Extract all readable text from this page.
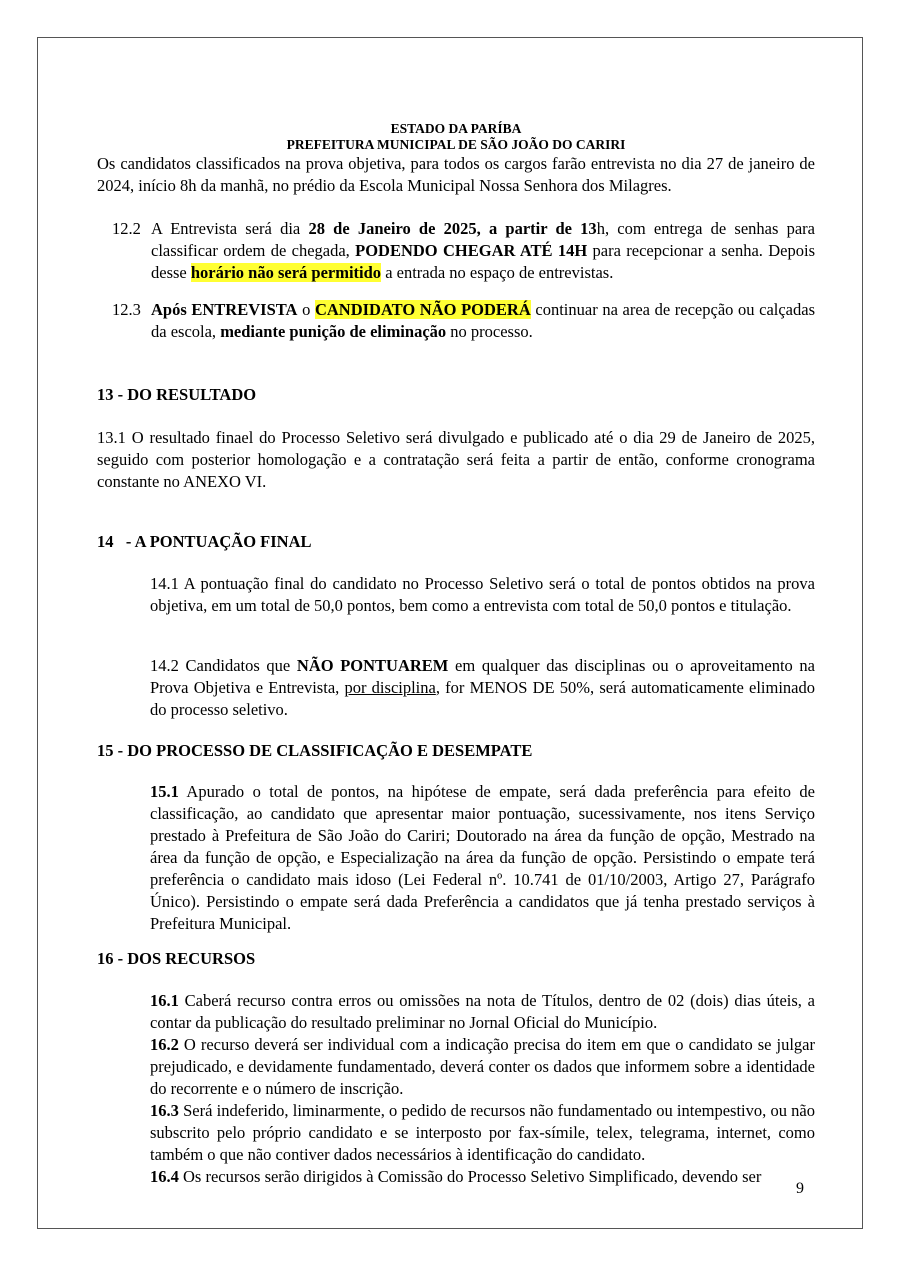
ESTADO DA PARÍBA
PREFEITURA MUNICIPAL DE SÃO JOÃO DO CARIRI

Os candidatos classificados na prova objetiva, para todos os cargos farão entrevista no dia 27 de janeiro de 2024, início 8h da manhã, no prédio da Escola Municipal Nossa Senhora dos Milagres.

12.2 A Entrevista será dia 28 de Janeiro de 2025, a partir de 13h, com entrega de senhas para classificar ordem de chegada, PODENDO CHEGAR ATÉ 14H para recepcionar a senha. Depois desse horário não será permitido a entrada no espaço de entrevistas.

12.3 Após ENTREVISTA o CANDIDATO NÃO PODERÁ continuar na area de recepção ou calçadas da escola, mediante punição de eliminação no processo.

13 - DO RESULTADO

13.1 O resultado finael do Processo Seletivo será divulgado e publicado até o dia 29 de Janeiro de 2025, seguido com posterior homologação e a contratação será feita a partir de então, conforme cronograma constante no ANEXO VI.

14   - A PONTUAÇÃO FINAL

14.1 A pontuação final do candidato no Processo Seletivo será o total de pontos obtidos na prova objetiva, em um total de 50,0 pontos, bem como a entrevista com total de 50,0 pontos e titulação.

14.2 Candidatos que NÃO PONTUAREM em qualquer das disciplinas ou o aproveitamento na Prova Objetiva e Entrevista, por disciplina, for MENOS DE 50%, será automaticamente eliminado do processo seletivo.

15 - DO PROCESSO DE CLASSIFICAÇÃO E DESEMPATE

15.1 Apurado o total de pontos, na hipótese de empate, será dada preferência para efeito de classificação, ao candidato que apresentar maior pontuação, sucessivamente, nos itens Serviço prestado à Prefeitura de São João do Cariri; Doutorado na área da função de opção, Mestrado na área da função de opção, e Especialização na área da função de opção. Persistindo o empate terá preferência o candidato mais idoso (Lei Federal nº. 10.741 de 01/10/2003, Artigo 27, Parágrafo Único). Persistindo o empate será dada Preferência a candidatos que já tenha prestado serviços à Prefeitura Municipal.

16 - DOS RECURSOS

16.1 Caberá recurso contra erros ou omissões na nota de Títulos, dentro de 02 (dois) dias úteis, a contar da publicação do resultado preliminar no Jornal Oficial do Município.

16.2 O recurso deverá ser individual com a indicação precisa do item em que o candidato se julgar prejudicado, e devidamente fundamentado, deverá conter os dados que informem sobre a identidade do recorrente e o número de inscrição.

16.3 Será indeferido, liminarmente, o pedido de recursos não fundamentado ou intempestivo, ou não subscrito pelo próprio candidato e se interposto por fax-símile, telex, telegrama, internet, como também o que não contiver dados necessários à identificação do candidato.

16.4 Os recursos serão dirigidos à Comissão do Processo Seletivo Simplificado, devendo ser

9
